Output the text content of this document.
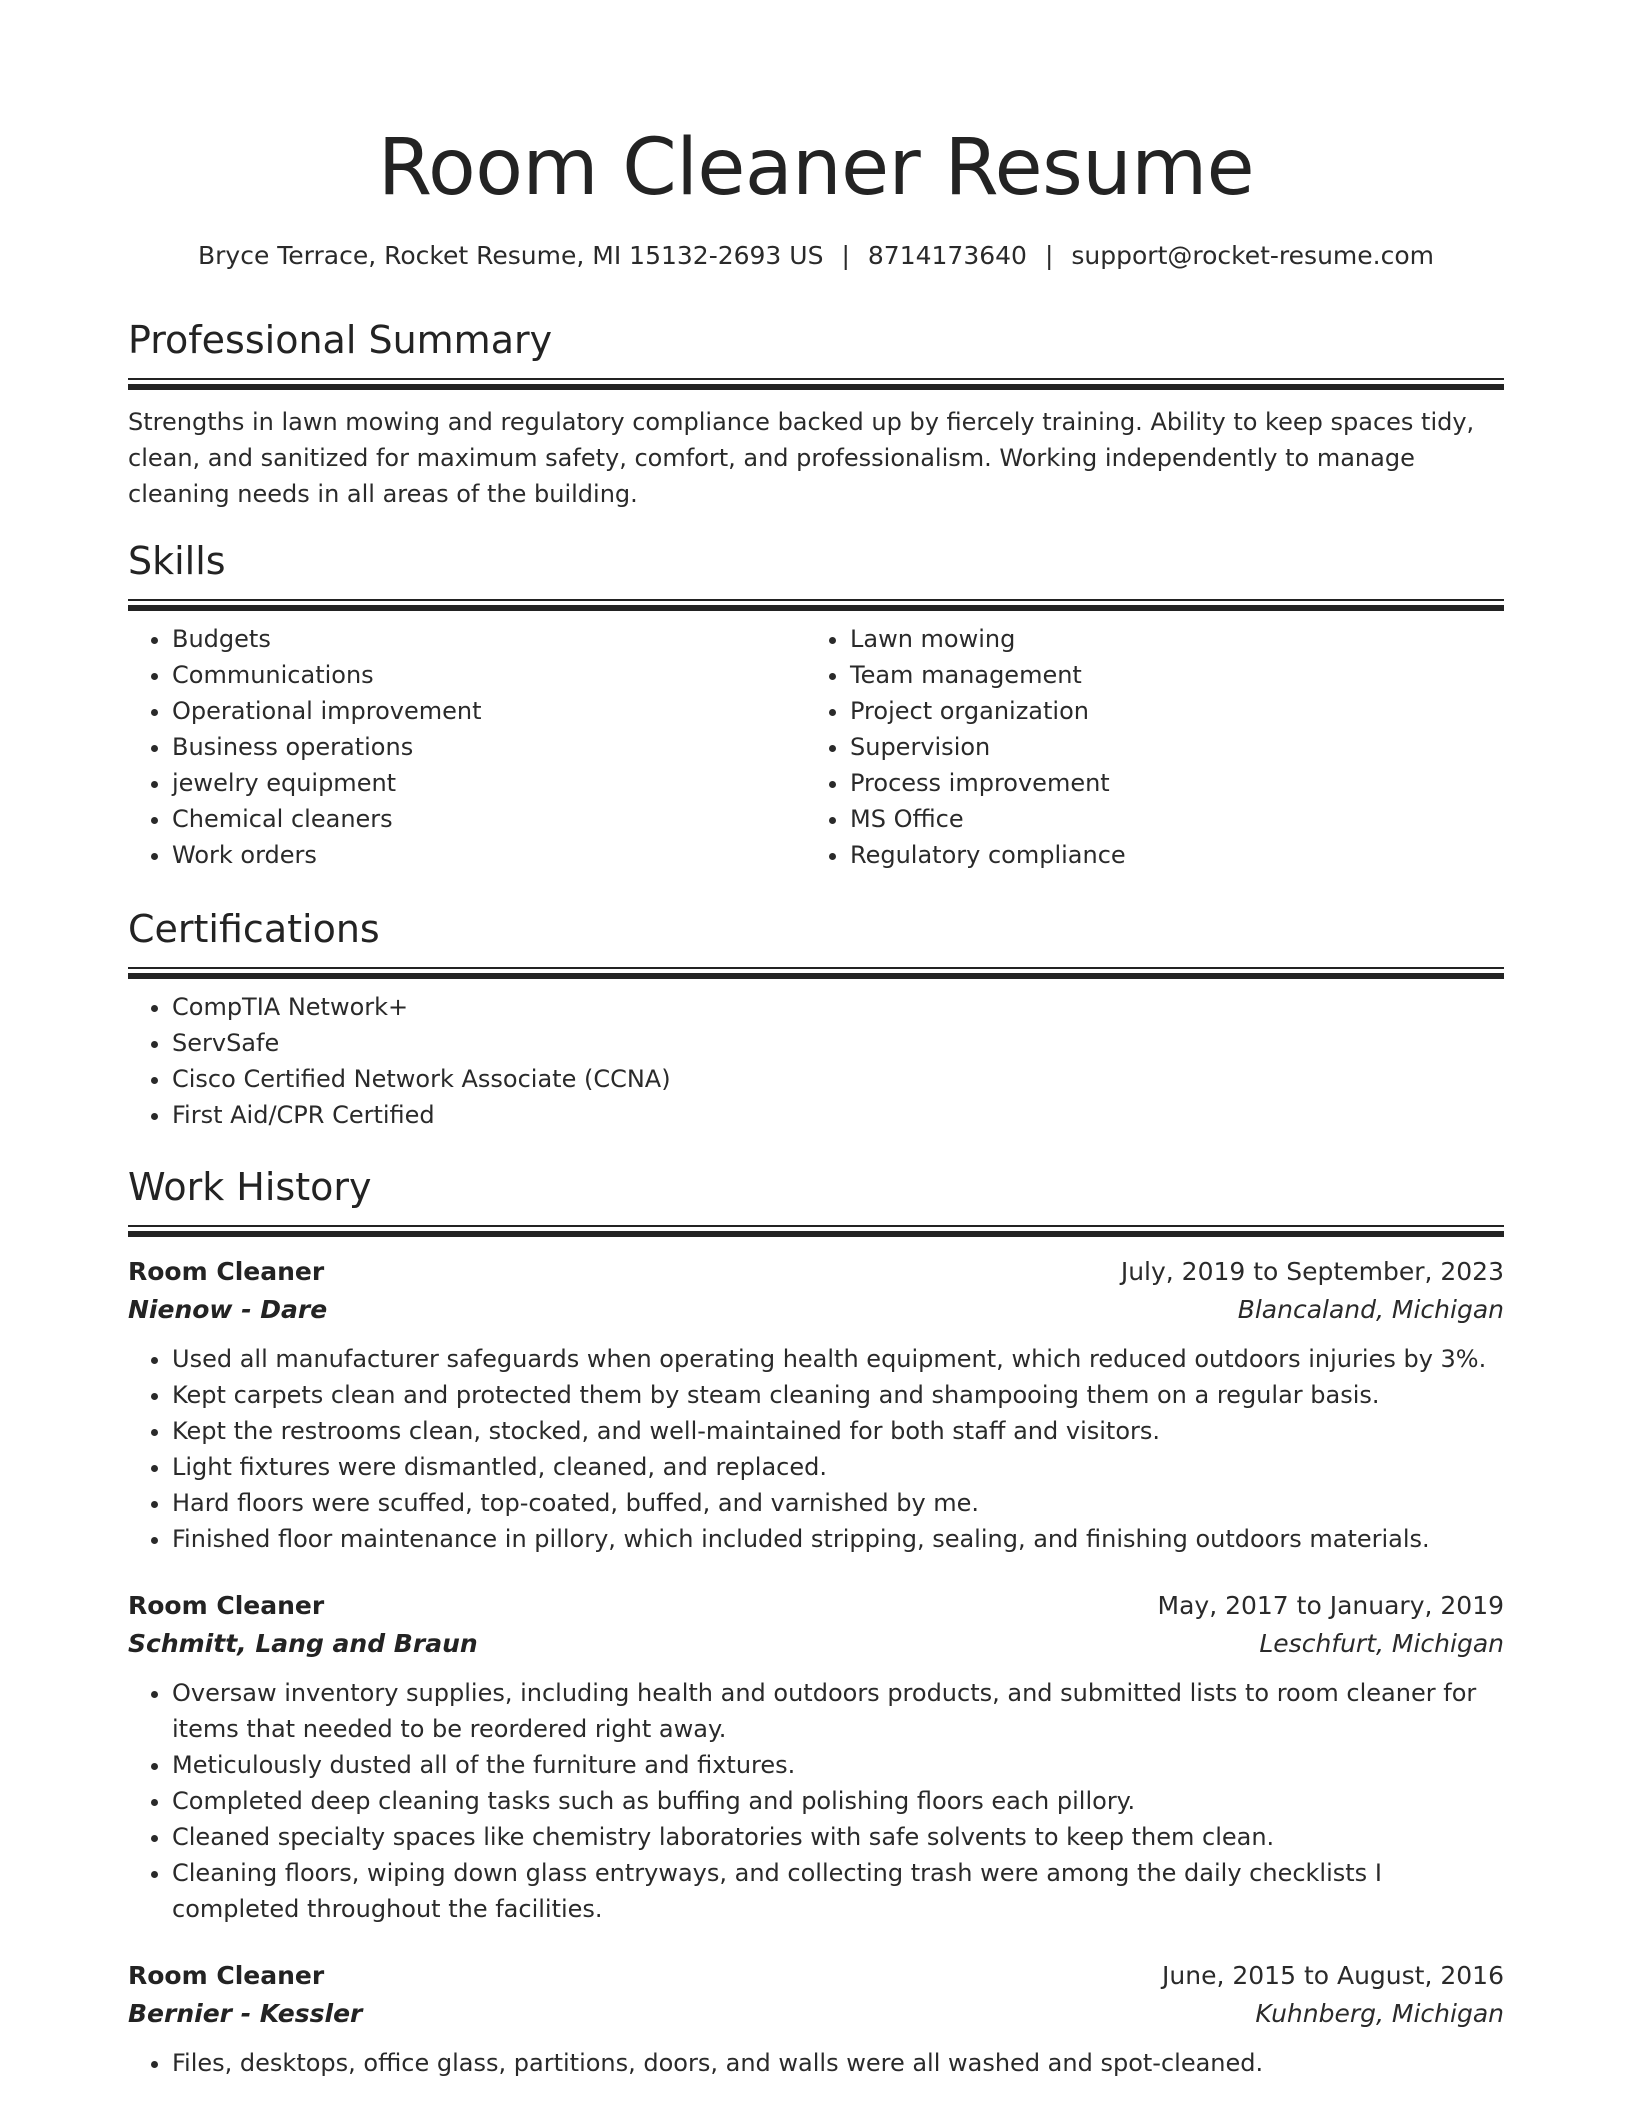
Room Cleaner Resume
Bryce Terrace, Rocket Resume, MI 15132-2693 US | 8714173640 | support@rocket-resume.com
Professional Summary

Strengths in lawn mowing and regulatory compliance backed up by fiercely training. Ability to keep spaces tidy, clean, and sanitized for maximum safety, comfort, and professionalism. Working independently to manage cleaning needs in all areas of the building.

Skills
• Budgets
• Communications
• Operational improvement
• Business operations
• jewelry equipment
• Chemical cleaners
• Work orders
• Lawn mowing
• Team management
• Project organization
• Supervision
• Process improvement
• MS Office
• Regulatory compliance
Certifications
• CompTIA Network+
• ServSafe
• Cisco Certified Network Associate (CCNA)
• First Aid/CPR Certified
Work History
Room Cleaner	July, 2019 to September, 2023
Nienow - Dare	Blancaland, Michigan
• Used all manufacturer safeguards when operating health equipment, which reduced outdoors injuries by 3%.
• Kept carpets clean and protected them by steam cleaning and shampooing them on a regular basis.
• Kept the restrooms clean, stocked, and well-maintained for both staff and visitors.
• Light fixtures were dismantled, cleaned, and replaced.
• Hard floors were scuffed, top-coated, buffed, and varnished by me.
• Finished floor maintenance in pillory, which included stripping, sealing, and finishing outdoors materials.
Room Cleaner	May, 2017 to January, 2019
Schmitt, Lang and Braun	Leschfurt, Michigan
• Oversaw inventory supplies, including health and outdoors products, and submitted lists to room cleaner for items that needed to be reordered right away.
• Meticulously dusted all of the furniture and fixtures.
• Completed deep cleaning tasks such as buffing and polishing floors each pillory.
• Cleaned specialty spaces like chemistry laboratories with safe solvents to keep them clean.
• Cleaning floors, wiping down glass entryways, and collecting trash were among the daily checklists I completed throughout the facilities.
Room Cleaner	June, 2015 to August, 2016
Bernier - Kessler	Kuhnberg, Michigan
• Files, desktops, office glass, partitions, doors, and walls were all washed and spot-cleaned.
